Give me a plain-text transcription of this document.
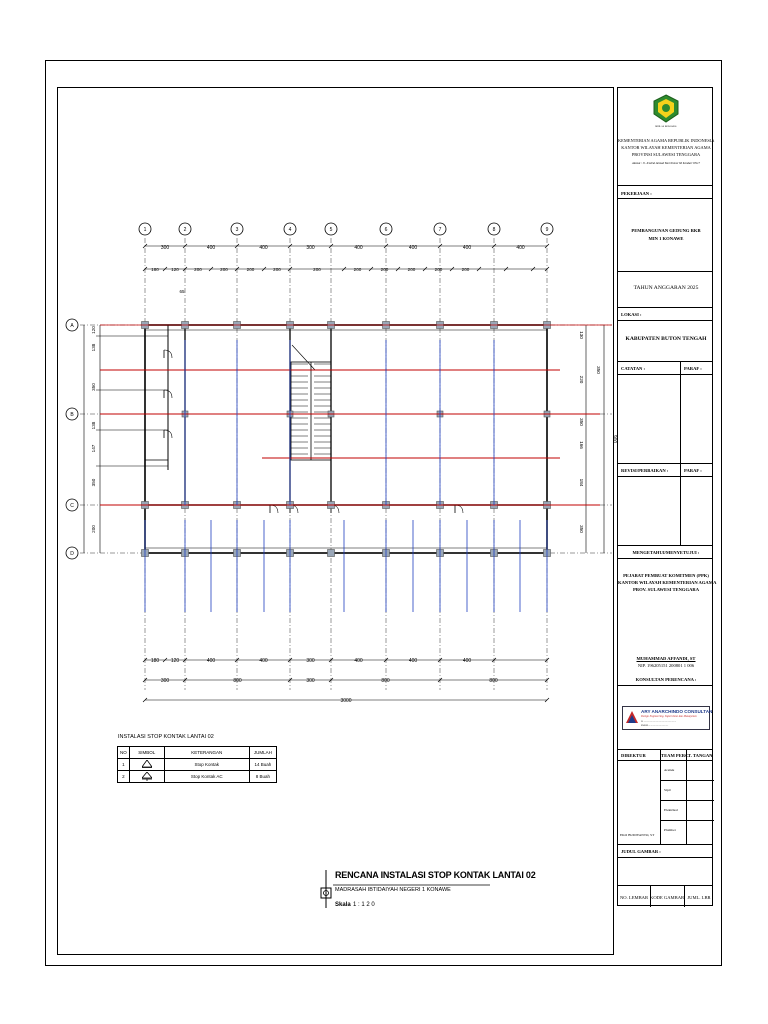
1	2	3	4	5	6	7	8	9
A
B
C
D
300	400	400	300	400	400	400	400
180	120	200	200	200	200	200	200	200	200	200	200
65
180 120	400	400	300	400	400	400
300	800	300	800	800
3000
120
138
350
138
147
350
200
130
220
350
166
184
350
350
900
INSTALASI STOP KONTAK LANTAI 02
NO	SIMBOL	KETERANGAN	JUMLAH
1		Stop Kontak	14 Buah
2		Stop Kontak AC	8 Buah
RENCANA INSTALASI STOP KONTAK LANTAI 02
MADRASAH IBTIDAIYAH NEGERI 1 KONAWE
Skala 1 : 1 2 0
IKHLAS BERAMAL
KEMENTERIAN AGAMA REPUBLIK INDONESIA
KANTOR WILAYAH KEMENTERIAN AGAMA
PROVINSI SULAWESI TENGGARA
Alamat : Jl. Jendral Ahmad Yani Nomor 66 Kendari 93117
PEKERJAAN :
PEMBANGUNAN GEDUNG RKB
MIN 1 KONAWE
TAHUN ANGGARAN 2025
LOKASI :
KABUPATEN BUTON TENGAH
CATATAN :	PARAF :
REVISI/PERBAIKAN :	PARAF :
MENGETAHUI/MENYETUJUI :
PEJABAT PEMBUAT KOMITMEN (PPK)
KANTOR WILAYAH KEMENTERIAN AGAMA
PROV. SULAWESI TENGGARA
MUHAMMAD AFFANDI, ST
NIP. 196205151 200801 1 006
KONSULTAN PERENCANA :
ARY ANARCHINDO CONSULTAN
Design Engineering, Supervision dan Manajemen
Jl. ......................................................
EMAIL : ..............................
DIREKTUR	TEAM PERC.
T. TANGAN
Arsitek
Sipil
Elektrikal
Plumber
EKO BUDIYANTO, ST
JUDUL GAMBAR :
NO. LEMBAR KODE GAMBAR JUML. LBR
